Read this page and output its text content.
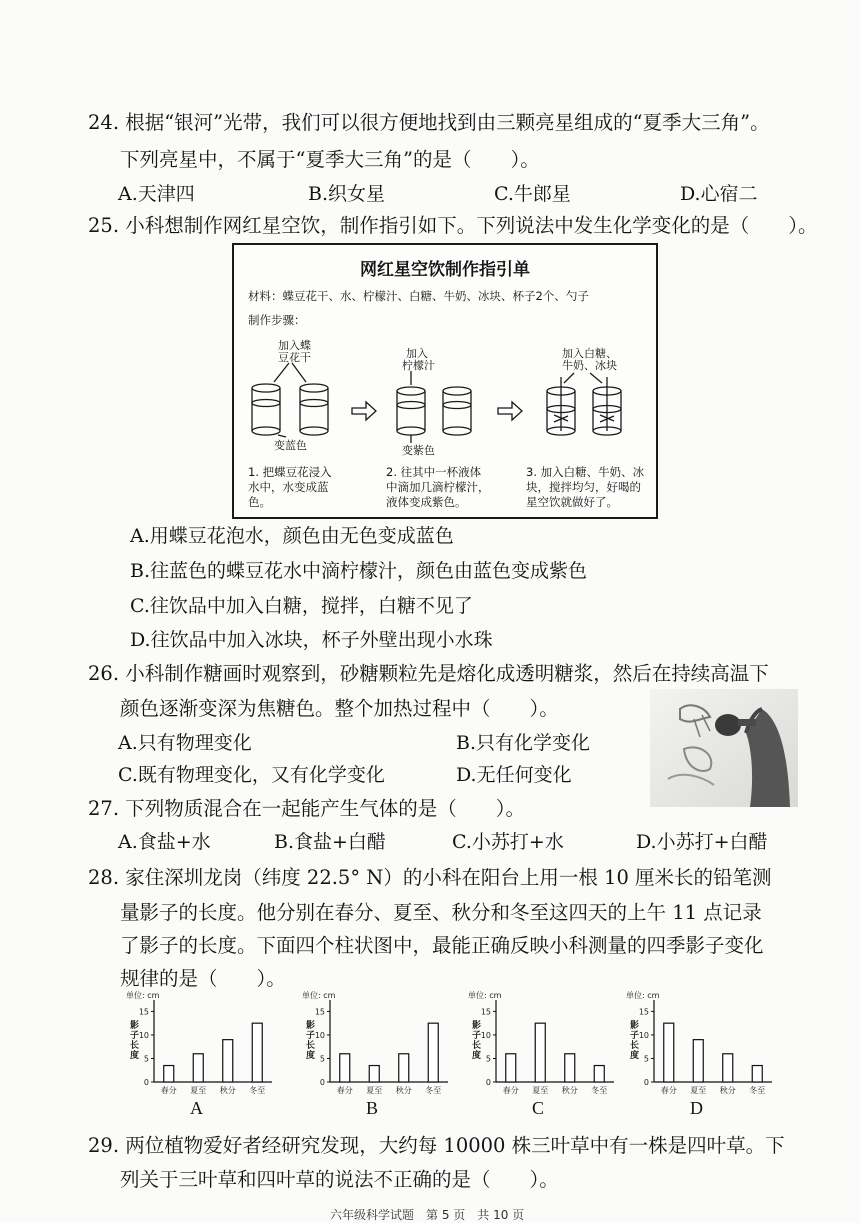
24. 根据“银河”光带，我们可以很方便地找到由三颗亮星组成的“夏季大三角”。
下列亮星中，不属于“夏季大三角”的是（　　）。
A.天津四	B.织女星	C.牛郎星	D.心宿二
25. 小科想制作网红星空饮，制作指引如下。下列说法中发生化学变化的是（　　）。
网红星空饮制作指引单
材料：蝶豆花干、水、柠檬汁、白糖、牛奶、冰块、杯子2个、勺子
制作步骤：
加入蝶
豆花干
变蓝色
加入
柠檬汁
变紫色
加入白糖、
牛奶、冰块
1. 把蝶豆花浸入
水中，水变成蓝
色。
2. 往其中一杯液体
中滴加几滴柠檬汁，
液体变成紫色。
3. 加入白糖、牛奶、冰
块，搅拌均匀，好喝的
星空饮就做好了。
A.用蝶豆花泡水，颜色由无色变成蓝色
B.往蓝色的蝶豆花水中滴柠檬汁，颜色由蓝色变成紫色
C.往饮品中加入白糖，搅拌，白糖不见了
D.往饮品中加入冰块，杯子外壁出现小水珠
26. 小科制作糖画时观察到，砂糖颗粒先是熔化成透明糖浆，然后在持续高温下
颜色逐渐变深为焦糖色。整个加热过程中（　　）。
A.只有物理变化	B.只有化学变化
C.既有物理变化，又有化学变化	D.无任何变化
27. 下列物质混合在一起能产生气体的是（　　）。
A.食盐+水	B.食盐+白醋	C.小苏打+水	D.小苏打+白醋
28. 家住深圳龙岗（纬度 22.5° N）的小科在阳台上用一根 10 厘米长的铅笔测
量影子的长度。他分别在春分、夏至、秋分和冬至这四天的上午 11 点记录
了影子的长度。下面四个柱状图中，最能正确反映小科测量的四季影子变化
规律的是（　　）。
单位: cm
影子长度
0
5
10
15
春分 夏至 秋分 冬至
单位: cm
影子长度
0
5
10
15
春分 夏至 秋分 冬至
单位: cm
影子长度
0
5
10
15
春分 夏至 秋分 冬至
单位: cm
影子长度
0
5
10
15
春分 夏至 秋分 冬至
A	B	C	D
29. 两位植物爱好者经研究发现，大约每 10000 株三叶草中有一株是四叶草。下
列关于三叶草和四叶草的说法不正确的是（　　）。
六年级科学试题　第 5 页　共 10 页
